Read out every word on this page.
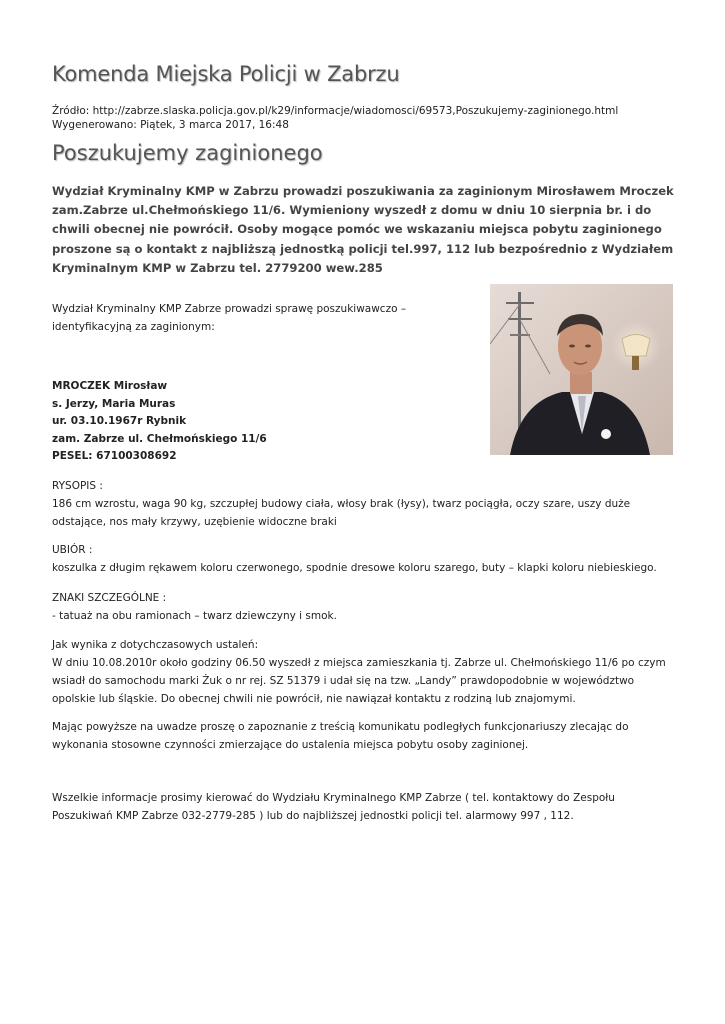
Komenda Miejska Policji w Zabrzu
Źródło: http://zabrze.slaska.policja.gov.pl/k29/informacje/wiadomosci/69573,Poszukujemy-zaginionego.html
Wygenerowano: Piątek, 3 marca 2017, 16:48
Poszukujemy zaginionego

Wydział Kryminalny KMP w Zabrzu prowadzi poszukiwania za zaginionym Mirosławem Mroczek zam.Zabrze ul.Chełmońskiego 11/6. Wymieniony wyszedł z domu w dniu 10 sierpnia br. i do chwili obecnej nie powrócił. Osoby mogące pomóc we wskazaniu miejsca pobytu zaginionego proszone są o kontakt z najbliższą jednostką policji tel.997, 112 lub bezpośrednio z Wydziałem Kryminalnym KMP w Zabrzu tel. 2779200 wew.285

Wydział Kryminalny KMP Zabrze prowadzi sprawę poszukiwawczo – identyfikacyjną za zaginionym:

MROCZEK Mirosław
s. Jerzy, Maria Muras
ur. 03.10.1967r Rybnik
zam. Zabrze ul. Chełmońskiego 11/6
PESEL: 67100308692

RYSOPIS :

186 cm wzrostu, waga 90 kg, szczupłej budowy ciała, włosy brak (łysy), twarz pociągła, oczy szare, uszy duże odstające, nos mały krzywy, uzębienie widoczne braki

UBIÓR :

koszulka z długim rękawem koloru czerwonego, spodnie dresowe koloru szarego, buty – klapki koloru niebieskiego.

ZNAKI SZCZEGÓLNE :

- tatuaż na obu ramionach – twarz dziewczyny i smok.

Jak wynika z dotychczasowych ustaleń:

W dniu 10.08.2010r około godziny 06.50 wyszedł z miejsca zamieszkania tj. Zabrze ul. Chełmońskiego 11/6 po czym wsiadł do samochodu marki Żuk o nr rej. SZ 51379 i udał się na tzw. „Landy” prawdopodobnie w województwo opolskie lub śląskie. Do obecnej chwili nie powrócił, nie nawiązał kontaktu z rodziną lub znajomymi.

Mając powyższe na uwadze proszę o zapoznanie z treścią komunikatu podległych funkcjonariuszy zlecając do wykonania stosowne czynności zmierzające do ustalenia miejsca pobytu osoby zaginionej.

Wszelkie informacje prosimy kierować do Wydziału Kryminalnego KMP Zabrze ( tel. kontaktowy do Zespołu Poszukiwań KMP Zabrze 032-2779-285 ) lub do najbliższej jednostki policji tel. alarmowy 997 , 112.
